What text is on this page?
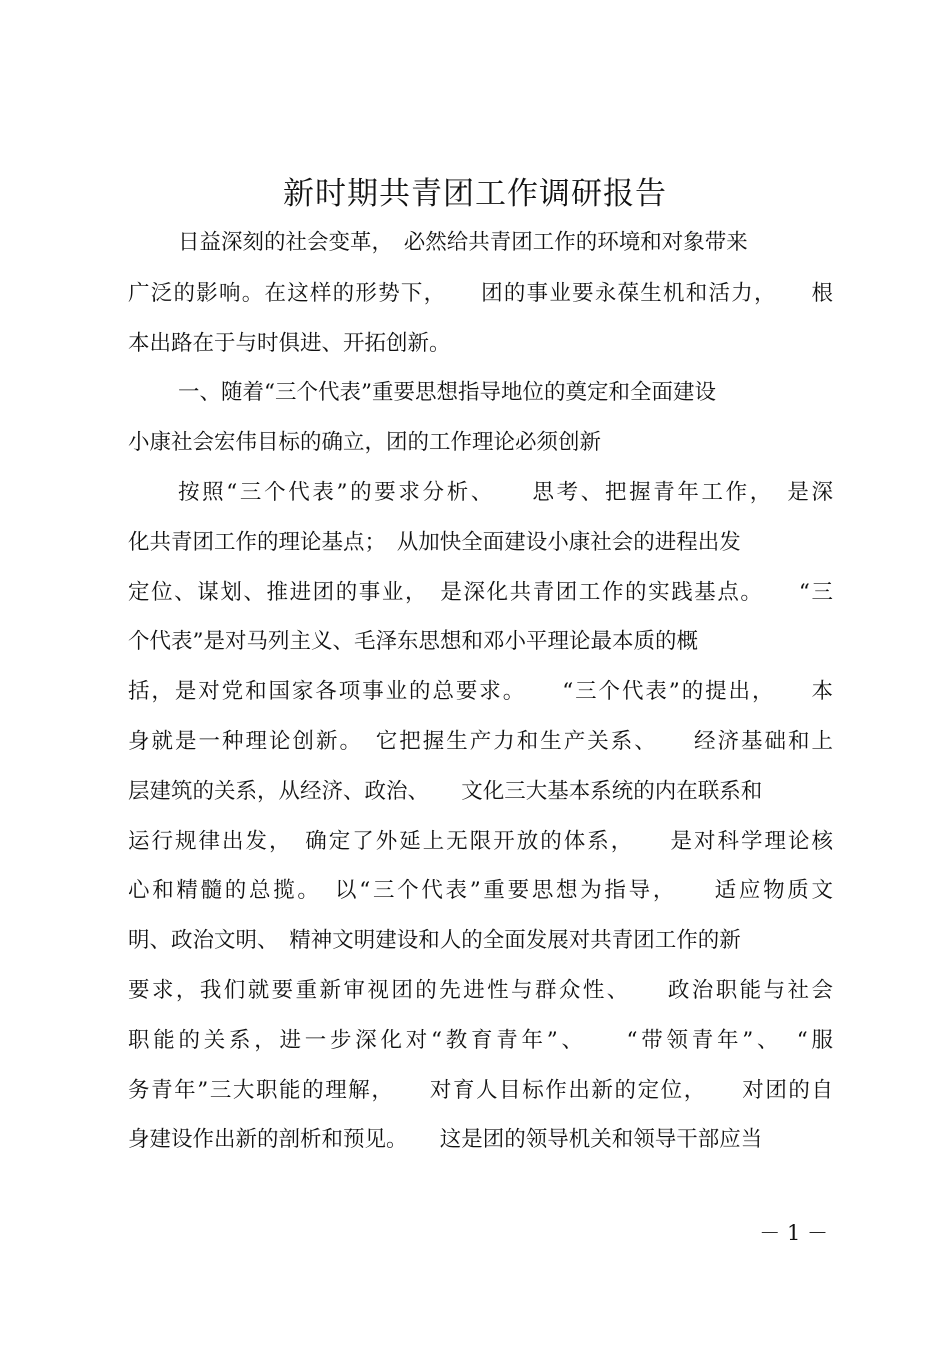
新时期共青团工作调研报告
日益深刻的社会变革，　必然给共青团工作的环境和对象带来
广泛的影响。在这样的形势下，　　团的事业要永葆生机和活力，　　根
本出路在于与时俱进、开拓创新。
一、随着“三个代表”重要思想指导地位的奠定和全面建设
小康社会宏伟目标的确立，团的工作理论必须创新
按照“三个代表”的要求分析、　　思考、把握青年工作，　是深
化共青团工作的理论基点；　从加快全面建设小康社会的进程出发
定位、谋划、推进团的事业，　是深化共青团工作的实践基点。　　“三
个代表”是对马列主义、毛泽东思想和邓小平理论最本质的概
括，是对党和国家各项事业的总要求。　　“三个代表”的提出，　　本
身就是一种理论创新。　它把握生产力和生产关系、　　经济基础和上
层建筑的关系，从经济、政治、　　文化三大基本系统的内在联系和
运行规律出发，　确定了外延上无限开放的体系，　　是对科学理论核
心和精髓的总揽。　以“三个代表”重要思想为指导，　　适应物质文
明、政治文明、　精神文明建设和人的全面发展对共青团工作的新
要求，我们就要重新审视团的先进性与群众性、　　政治职能与社会
职能的关系，进一步深化对“教育青年”、　　“带领青年”、　“服
务青年”三大职能的理解，　　对育人目标作出新的定位，　　对团的自
身建设作出新的剖析和预见。　　这是团的领导机关和领导干部应当
－ 1 －
